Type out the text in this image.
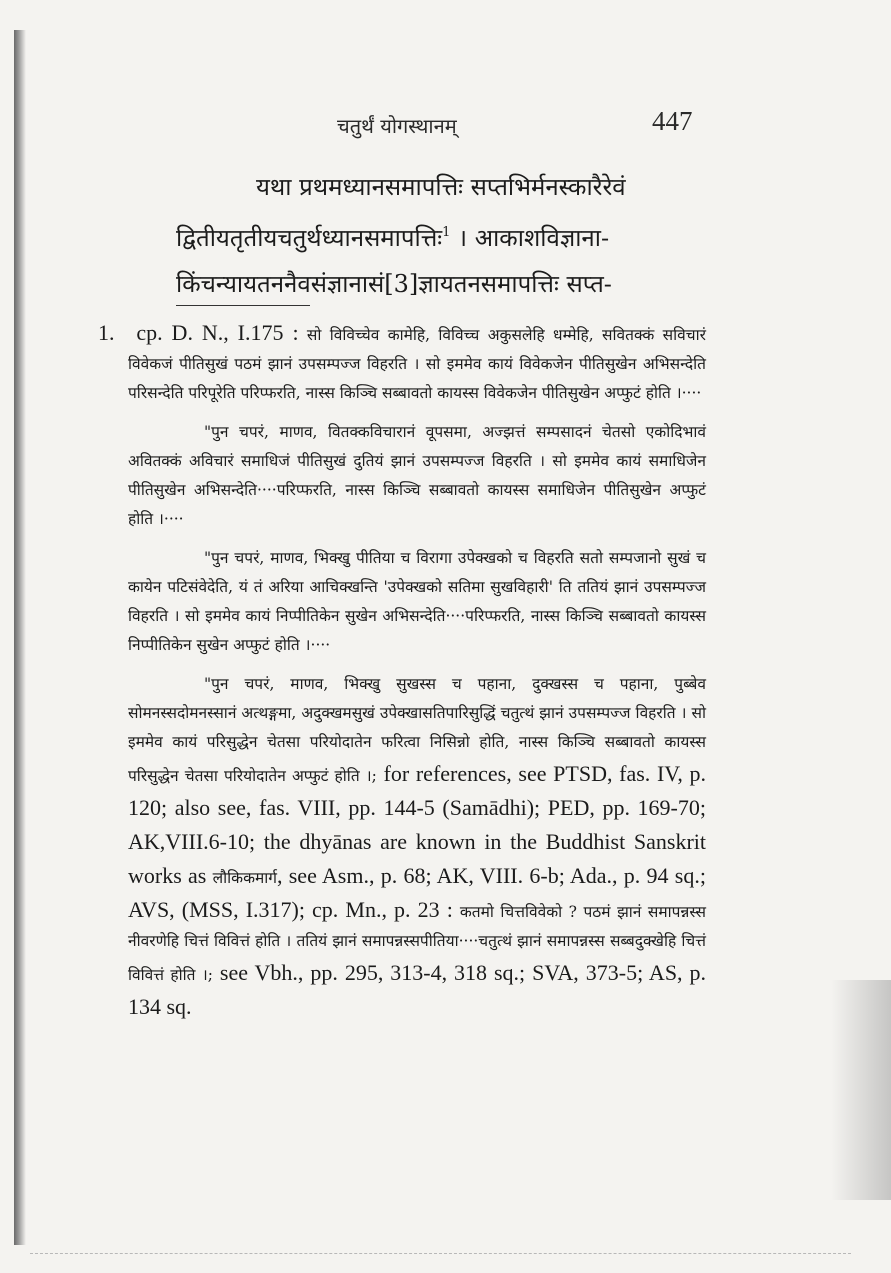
चतुर्थं योगस्थानम्	447
यथा प्रथमध्यानसमापत्तिः सप्तभिर्मनस्कारैरेवं
द्वितीयतृतीयचतुर्थध्यानसमापत्तिः$^1$ । आकाशविज्ञाना-
किंचन्यायतननैवसंज्ञानासं[3]ज्ञायतनसमापत्तिः सप्त-
1. cp. D. N., I.175 : सो विविच्चेव कामेहि, विविच्च अकुसलेहि धम्मेहि, सवितक्कं सविचारं विवेकजं पीतिसुखं पठमं झानं उपसम्पज्ज विहरति । सो इममेव कायं विवेकजेन पीतिसुखेन अभिसन्देति परिसन्देति परिपूरेति परिप्फरति, नास्स किञ्चि सब्बावतो कायस्स विवेकजेन पीतिसुखेन अप्फुटं होति ।····
"पुन चपरं, माणव, वितक्कविचारानं वूपसमा, अज्झत्तं सम्पसादनं चेतसो एकोदिभावं अवितक्कं अविचारं समाधिजं पीतिसुखं दुतियं झानं उपसम्पज्ज विहरति । सो इममेव कायं समाधिजेन पीतिसुखेन अभिसन्देति····परिप्फरति, नास्स किञ्चि सब्बावतो कायस्स समाधिजेन पीतिसुखेन अप्फुटं होति ।····
"पुन चपरं, माणव, भिक्खु पीतिया च विरागा उपेक्खको च विहरति सतो सम्पजानो सुखं च कायेन पटिसंवेदेति, यं तं अरिया आचिक्खन्ति 'उपेक्खको सतिमा सुखविहारी' ति ततियं झानं उपसम्पज्ज विहरति । सो इममेव कायं निप्पीतिकेन सुखेन अभिसन्देति····परिप्फरति, नास्स किञ्चि सब्बावतो कायस्स निप्पीतिकेन सुखेन अप्फुटं होति ।····
"पुन चपरं, माणव, भिक्खु सुखस्स च पहाना, दुक्खस्स च पहाना, पुब्बेव सोमनस्सदोमनस्सानं अत्थङ्गमा, अदुक्खमसुखं उपेक्खासतिपारिसुद्धिं चतुत्थं झानं उपसम्पज्ज विहरति । सो इममेव कायं परिसुद्धेन चेतसा परियोदातेन फरित्वा निसिन्नो होति, नास्स किञ्चि सब्बावतो कायस्स परिसुद्धेन चेतसा परियोदातेन अप्फुटं होति ।; for references, see PTSD, fas. IV, p. 120; also see, fas. VIII, pp. 144-5 (Samādhi); PED, pp. 169-70; AK,VIII.6-10; the dhyānas are known in the Buddhist Sanskrit works as लौकिकमार्ग, see Asm., p. 68; AK, VIII. 6-b; Ada., p. 94 sq.; AVS, (MSS, I.317); cp. Mn., p. 23 : कतमो चित्तविवेको ? पठमं झानं समापन्नस्स नीवरणेहि चित्तं विवित्तं होति । ततियं झानं समापन्नस्सपीतिया····चतुत्थं झानं समापन्नस्स सब्बदुक्खेहि चित्तं विवित्तं होति ।; see Vbh., pp. 295, 313-4, 318 sq.; SVA, 373-5; AS, p. 134 sq.
